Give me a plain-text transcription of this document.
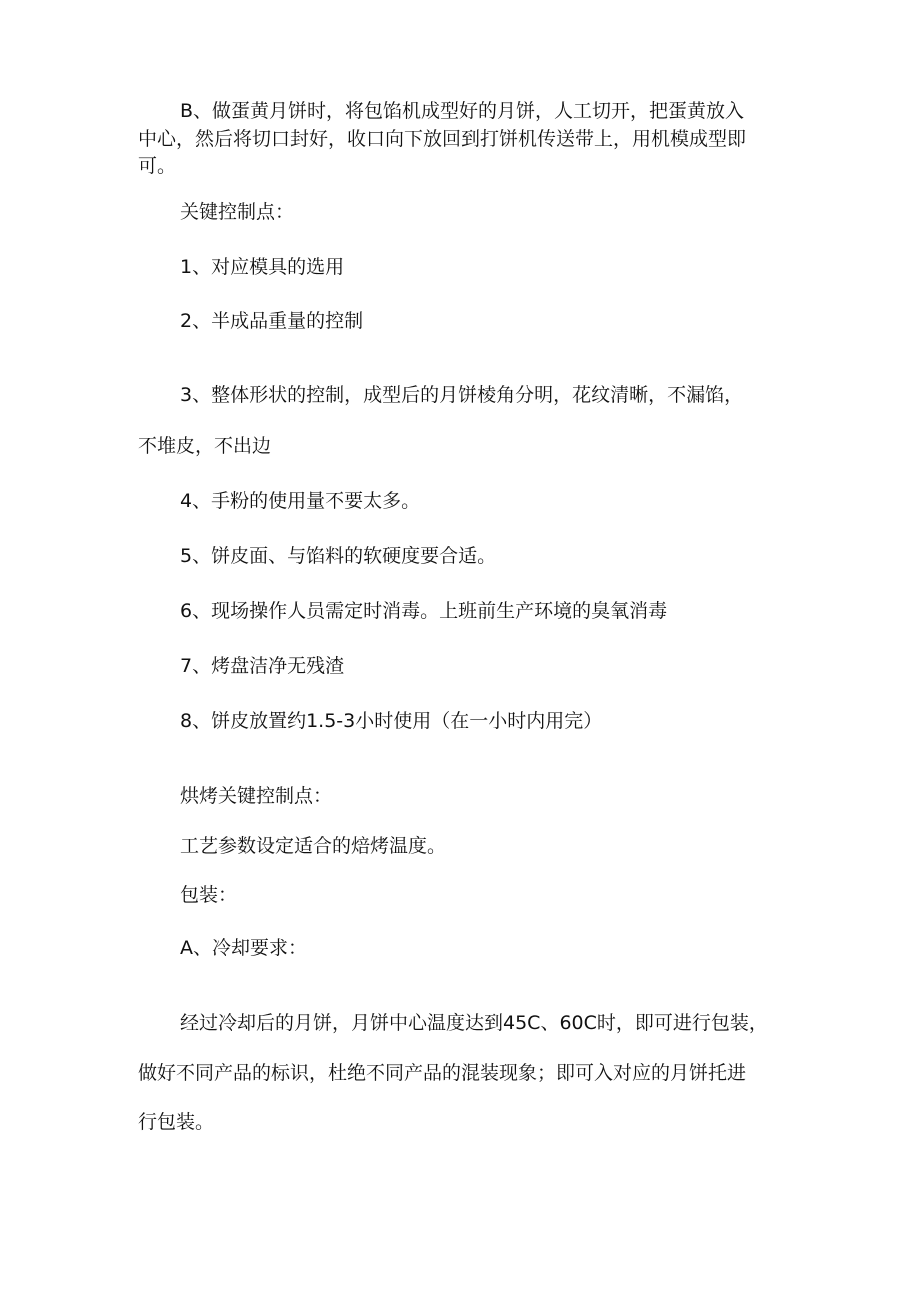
B、做蛋黄月饼时，将包馅机成型好的月饼，人工切开，把蛋黄放入
中心，然后将切口封好，收口向下放回到打饼机传送带上，用机模成型即
可。
关键控制点：
1、对应模具的选用
2、半成品重量的控制
3、整体形状的控制，成型后的月饼棱角分明，花纹清晰，不漏馅，
不堆皮，不出边
4、手粉的使用量不要太多。
5、饼皮面、与馅料的软硬度要合适。
6、现场操作人员需定时消毒。上班前生产环境的臭氧消毒
7、烤盘洁净无残渣
8、饼皮放置约1.5-3小时使用（在一小时内用完）
烘烤关键控制点：
工艺参数设定适合的焙烤温度。
包装：
A、冷却要求：
经过冷却后的月饼，月饼中心温度达到45C、60C时，即可进行包装，
做好不同产品的标识，杜绝不同产品的混装现象；即可入对应的月饼托进
行包装。
